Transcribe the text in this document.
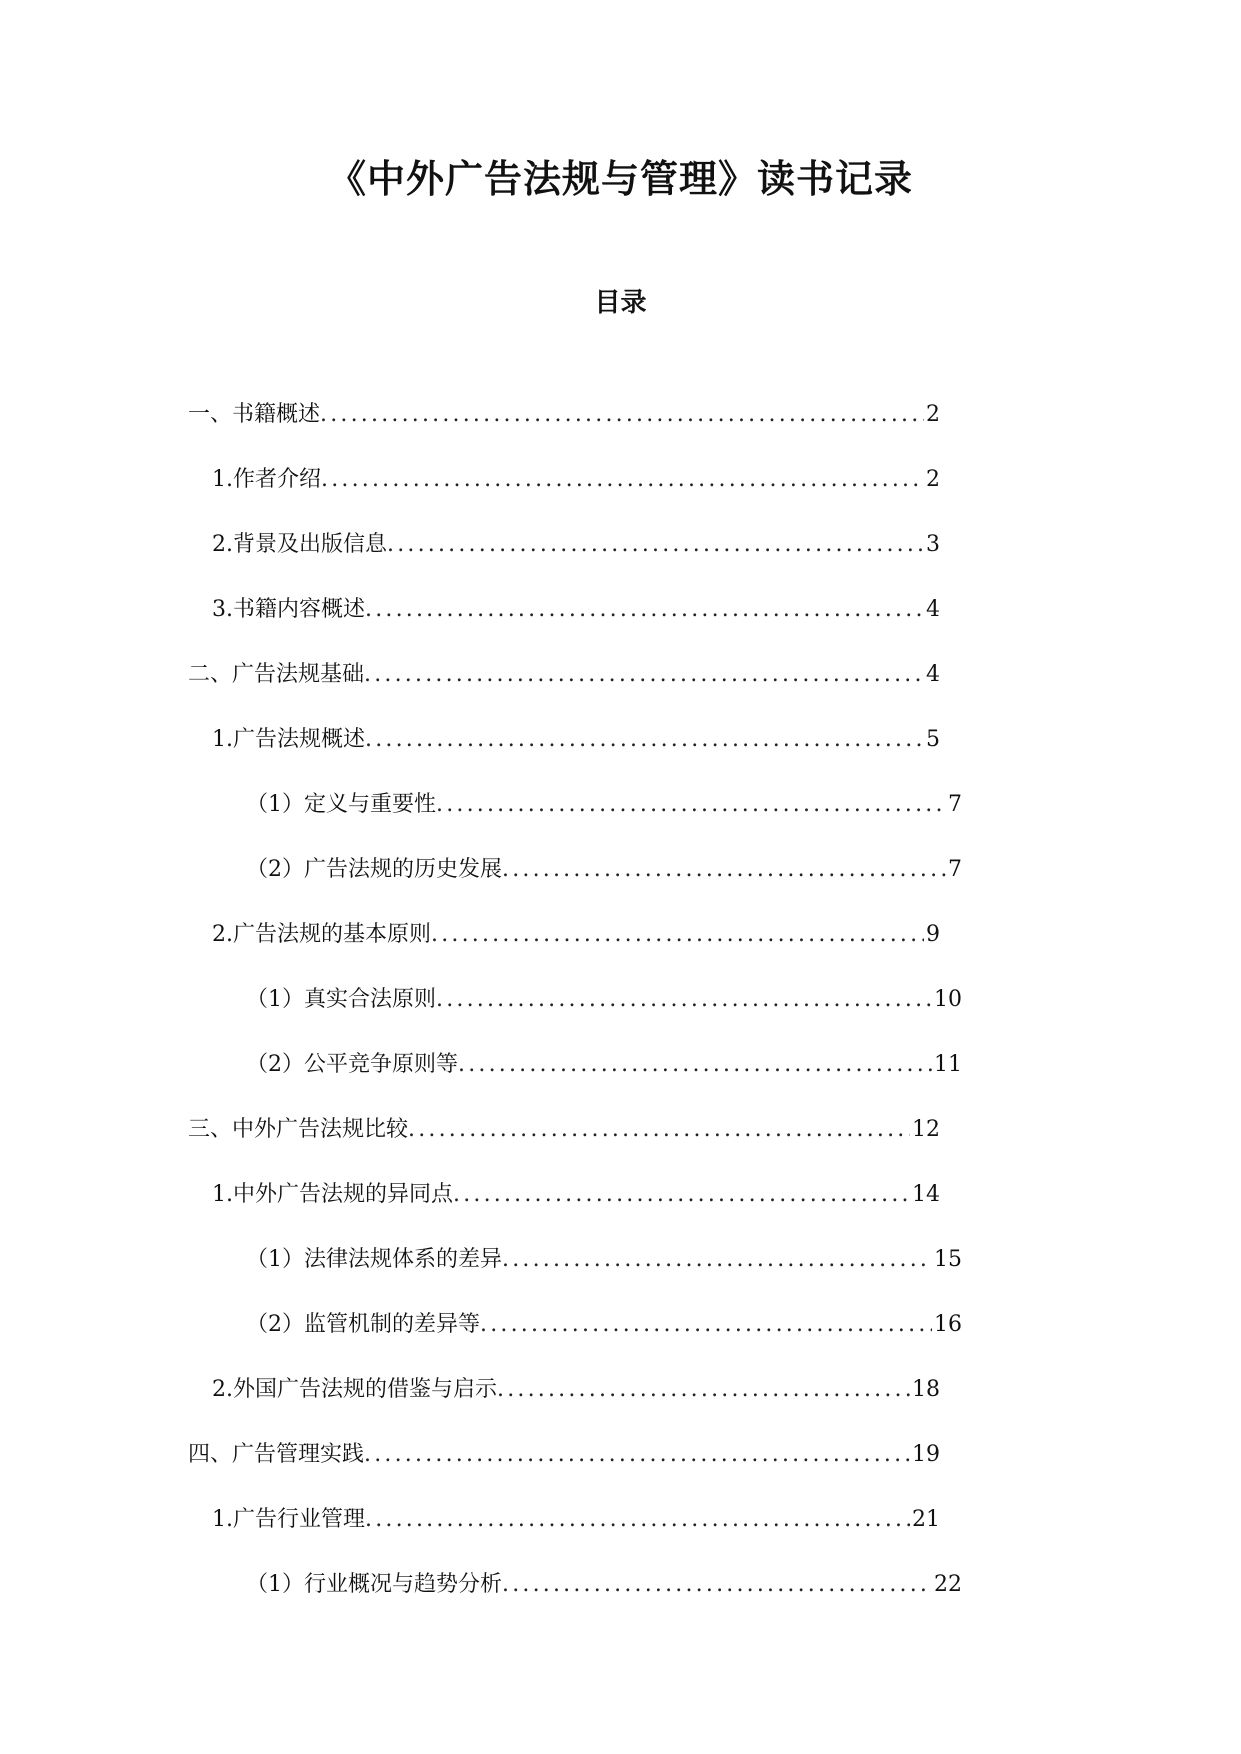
《中外广告法规与管理》读书记录
目录
一、 书籍概述 .....	2
1. 作者介绍 .....	2
2. 背景及出版信息 .....	3
3. 书籍内容概述 .....	4
二、 广告法规基础 .....	4
1. 广告法规概述 .....	5
（1） 定义与重要性 .....	7
（2） 广告法规的历史发展 .....	7
2. 广告法规的基本原则 .....	9
（1） 真实合法原则 .....	10
（2） 公平竞争原则等 .....	11
三、 中外广告法规比较 .....	12
1. 中外广告法规的异同点 .....	14
（1） 法律法规体系的差异 .....	15
（2） 监管机制的差异等 .....	16
2. 外国广告法规的借鉴与启示 .....	18
四、 广告管理实践 .....	19
1. 广告行业管理 .....	21
（1） 行业概况与趋势分析 .....	22
